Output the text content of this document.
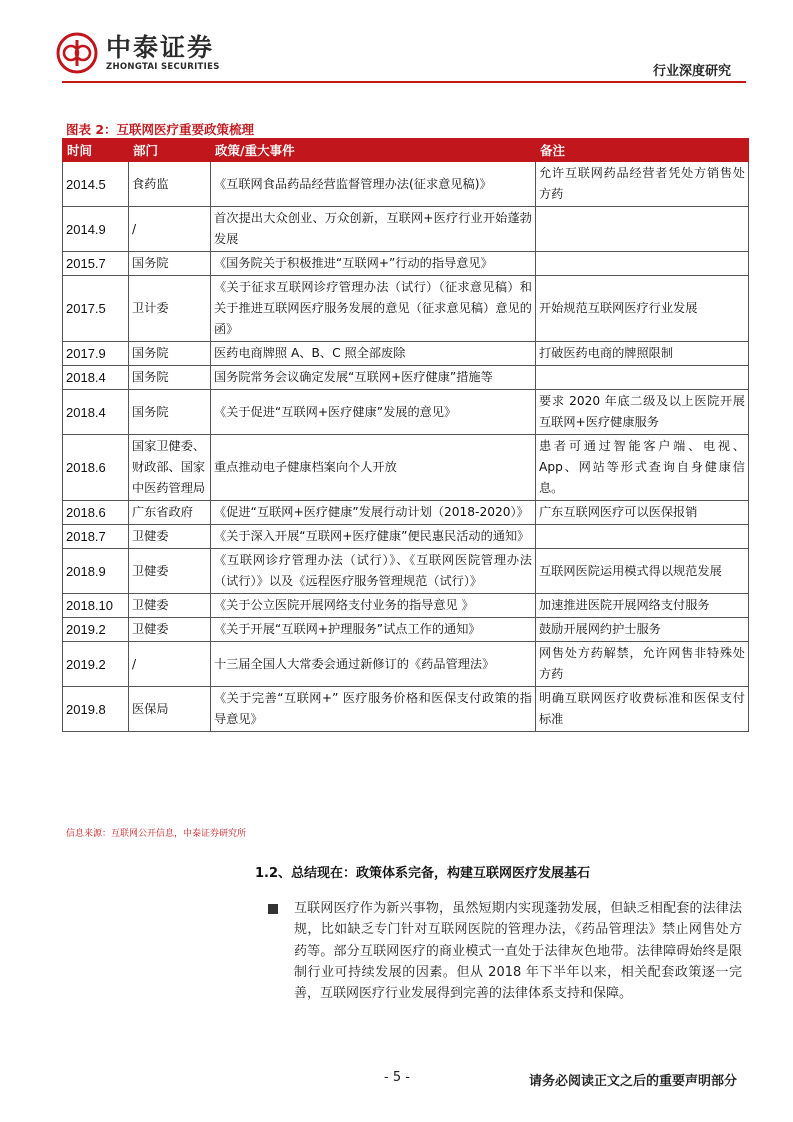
中泰证券
ZHONGTAI SECURITIES	行业深度研究
图表 2：互联网医疗重要政策梳理
时间	部门	政策/重大事件	备注
2014.5	食药监	《互联网食品药品经营监督管理办法(征求意见稿)》	允许互联网药品经营者凭处方销售处方药
2014.9	/	首次提出大众创业、万众创新，互联网+医疗行业开始蓬勃发展	
2015.7	国务院	《国务院关于积极推进“互联网+”行动的指导意见》	
2017.5	卫计委	《关于征求互联网诊疗管理办法（试行）（征求意见稿）和关于推进互联网医疗服务发展的意见（征求意见稿）意见的函》	开始规范互联网医疗行业发展
2017.9	国务院	医药电商牌照 A、B、C 照全部废除	打破医药电商的牌照限制
2018.4	国务院	国务院常务会议确定发展“互联网+医疗健康”措施等	
2018.4	国务院	《关于促进“互联网+医疗健康”发展的意见》	要求 2020 年底二级及以上医院开展互联网+医疗健康服务
2018.6	国家卫健委、财政部、国家中医药管理局	重点推动电子健康档案向个人开放	患者可通过智能客户端、电视、App、网站等形式查询自身健康信息。
2018.6	广东省政府	《促进“互联网+医疗健康”发展行动计划（2018-2020）》	广东互联网医疗可以医保报销
2018.7	卫健委	《关于深入开展“互联网+医疗健康”便民惠民活动的通知》	
2018.9	卫健委	《互联网诊疗管理办法（试行）》、《互联网医院管理办法（试行）》以及《远程医疗服务管理规范（试行）》	互联网医院运用模式得以规范发展
2018.10	卫健委	《关于公立医院开展网络支付业务的指导意见 》	加速推进医院开展网络支付服务
2019.2	卫健委	《关于开展“互联网+护理服务”试点工作的通知》	鼓励开展网约护士服务
2019.2	/	十三届全国人大常委会通过新修订的《药品管理法》	网售处方药解禁，允许网售非特殊处方药
2019.8	医保局	《关于完善“互联网+” 医疗服务价格和医保支付政策的指导意见》	明确互联网医疗收费标准和医保支付标准
信息来源：互联网公开信息，中泰证券研究所
1.2、总结现在：政策体系完备，构建互联网医疗发展基石
互联网医疗作为新兴事物，虽然短期内实现蓬勃发展，但缺乏相配套的法律法规，比如缺乏专门针对互联网医院的管理办法，《药品管理法》禁止网售处方药等。部分互联网医疗的商业模式一直处于法律灰色地带。法律障碍始终是限制行业可持续发展的因素。但从 2018 年下半年以来，相关配套政策逐一完善，互联网医疗行业发展得到完善的法律体系支持和保障。
- 5 -	请务必阅读正文之后的重要声明部分
